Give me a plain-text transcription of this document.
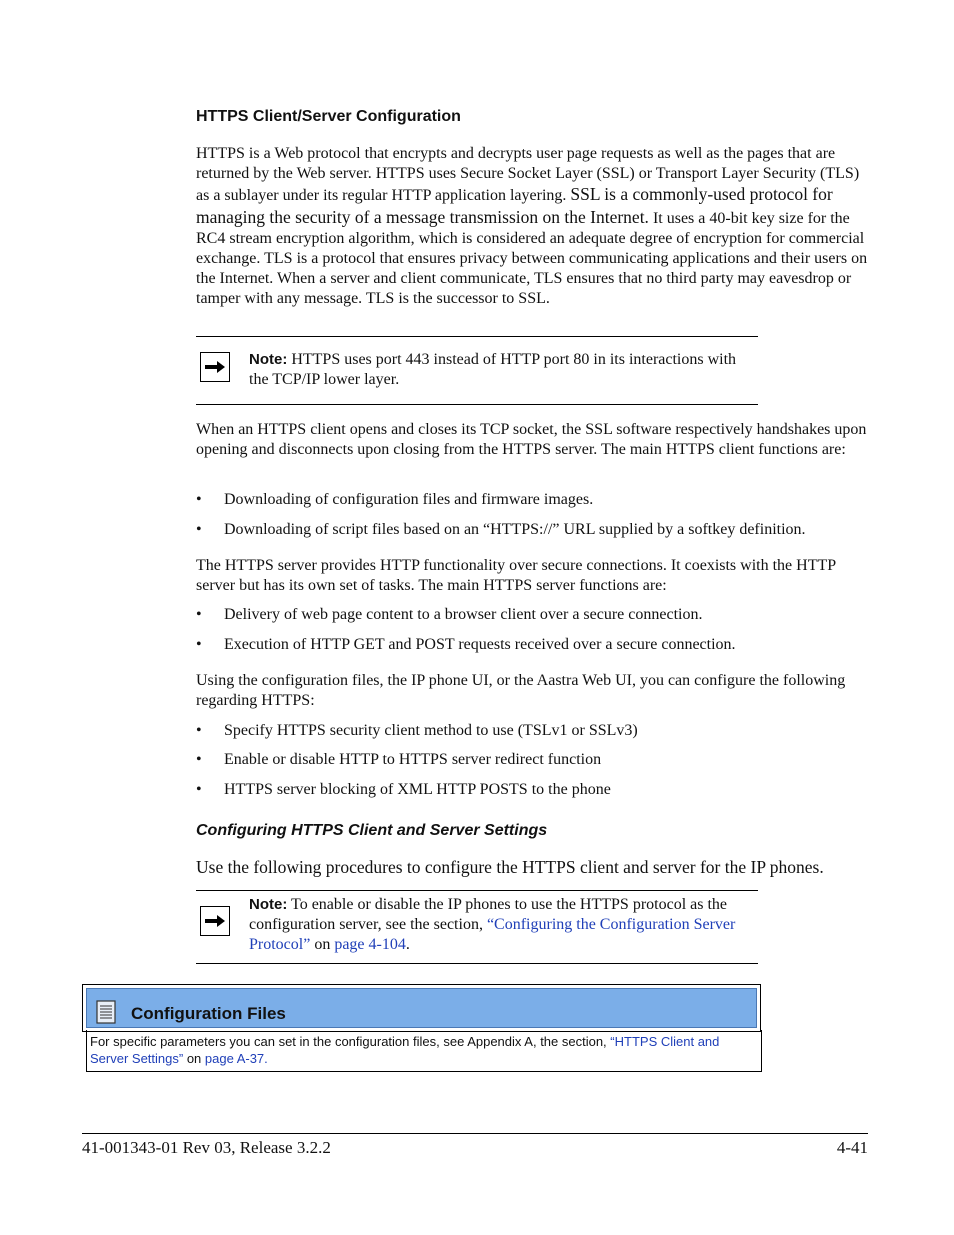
HTTPS Client/Server Configuration
HTTPS is a Web protocol that encrypts and decrypts user page requests as well as the pages that are returned by the Web server. HTTPS uses Secure Socket Layer (SSL) or Transport Layer Security (TLS) as a sublayer under its regular HTTP application layering. SSL is a commonly-used protocol for managing the security of a message transmission on the Internet. It uses a 40-bit key size for the RC4 stream encryption algorithm, which is considered an adequate degree of encryption for commercial exchange. TLS is a protocol that ensures privacy between communicating applications and their users on the Internet. When a server and client communicate, TLS ensures that no third party may eavesdrop or tamper with any message. TLS is the successor to SSL.
Note: HTTPS uses port 443 instead of HTTP port 80 in its interactions with the TCP/IP lower layer.
When an HTTPS client opens and closes its TCP socket, the SSL software respectively handshakes upon opening and disconnects upon closing from the HTTPS server. The main HTTPS client functions are:
• Downloading of configuration files and firmware images.
• Downloading of script files based on an “HTTPS://” URL supplied by a softkey definition.
The HTTPS server provides HTTP functionality over secure connections. It coexists with the HTTP server but has its own set of tasks. The main HTTPS server functions are:
• Delivery of web page content to a browser client over a secure connection.
• Execution of HTTP GET and POST requests received over a secure connection.
Using the configuration files, the IP phone UI, or the Aastra Web UI, you can configure the following regarding HTTPS:
• Specify HTTPS security client method to use (TSLv1 or SSLv3)
• Enable or disable HTTP to HTTPS server redirect function
• HTTPS server blocking of XML HTTP POSTS to the phone
Configuring HTTPS Client and Server Settings
Use the following procedures to configure the HTTPS client and server for the IP phones.
Note: To enable or disable the IP phones to use the HTTPS protocol as the configuration server, see the section, “Configuring the Configuration Server Protocol” on page 4-104.
Configuration Files
For specific parameters you can set in the configuration files, see Appendix A, the section, “HTTPS Client and Server Settings” on page A-37.
41-001343-01 Rev 03, Release 3.2.2	4-41
